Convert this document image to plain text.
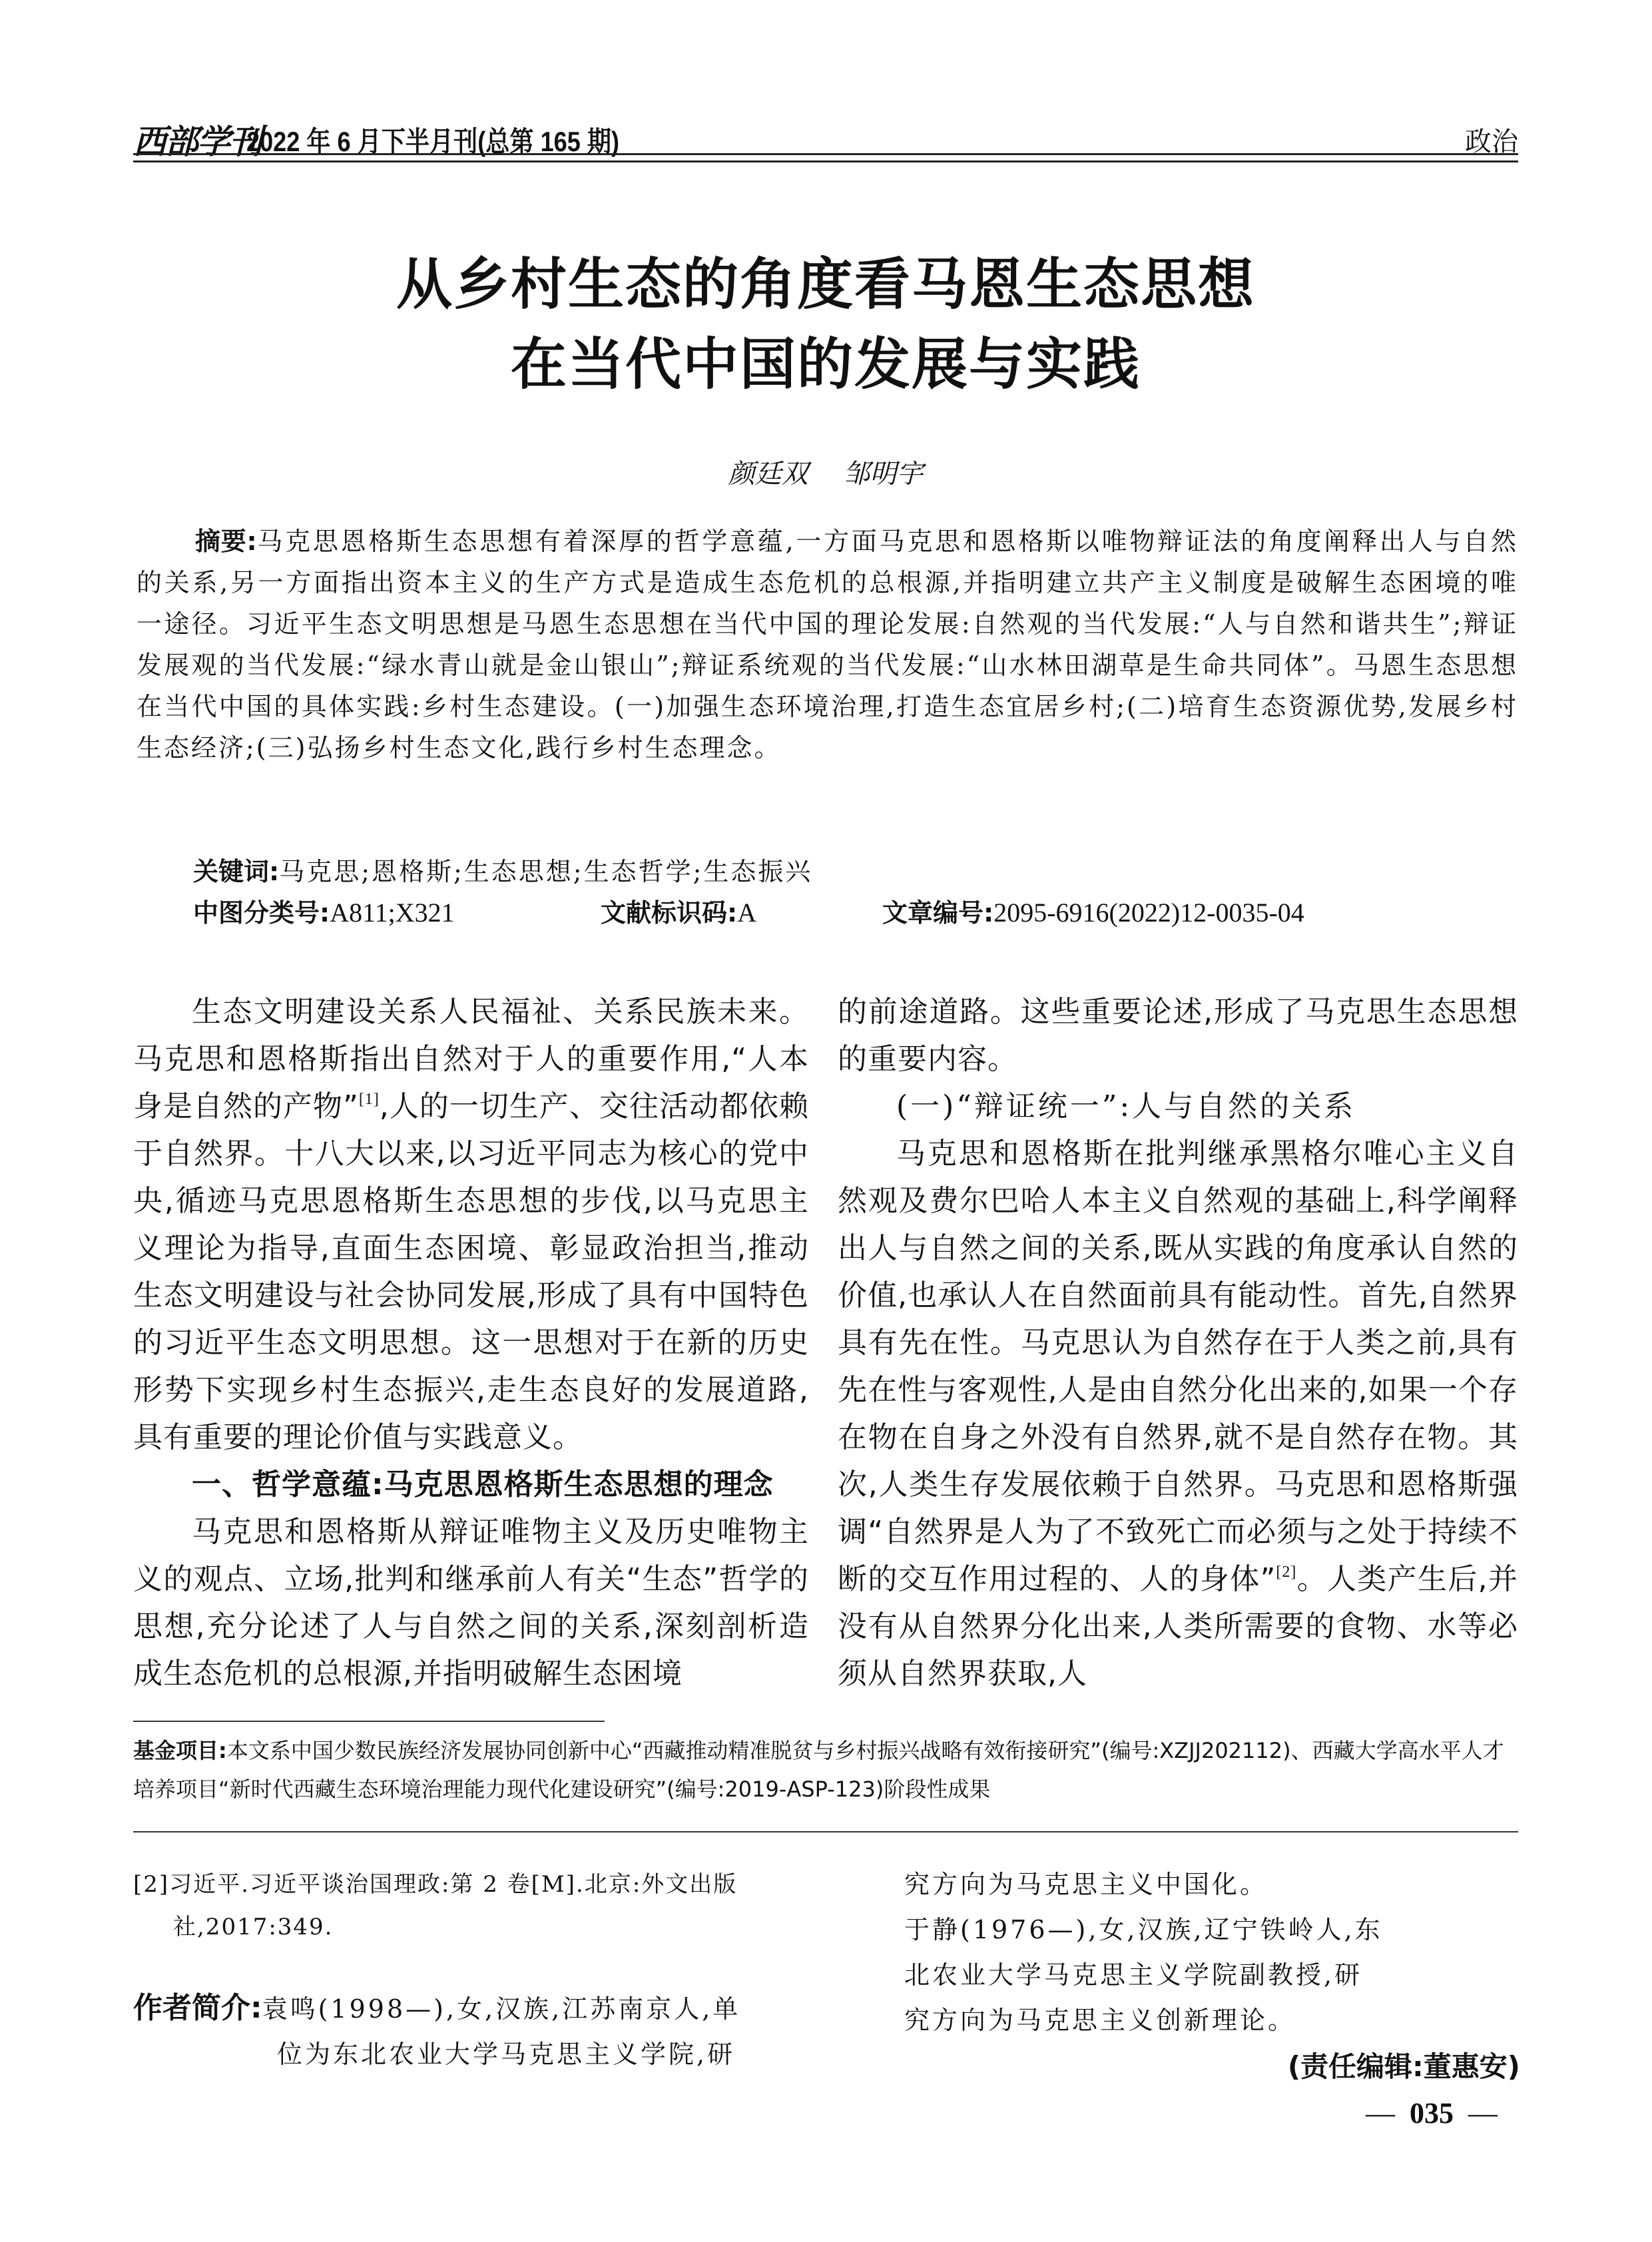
西部学刊
2022 年 6 月下半月刊(总第 165 期)	政治
从乡村生态的角度看马恩生态思想
在当代中国的发展与实践
颜廷双 邹明宇
摘要:马克思恩格斯生态思想有着深厚的哲学意蕴,一方面马克思和恩格斯以唯物辩证法的角度阐释出人与自然的关系,另一方面指出资本主义的生产方式是造成生态危机的总根源,并指明建立共产主义制度是破解生态困境的唯一途径。习近平生态文明思想是马恩生态思想在当代中国的理论发展:自然观的当代发展:“人与自然和谐共生”;辩证发展观的当代发展:“绿水青山就是金山银山”;辩证系统观的当代发展:“山水林田湖草是生命共同体”。马恩生态思想在当代中国的具体实践:乡村生态建设。(一)加强生态环境治理,打造生态宜居乡村;(二)培育生态资源优势,发展乡村生态经济;(三)弘扬乡村生态文化,践行乡村生态理念。
关键词:马克思;恩格斯;生态思想;生态哲学;生态振兴
中图分类号:A811;X321	文献标识码:A	文章编号:2095-6916(2022)12-0035-04

生态文明建设关系人民福祉、关系民族未来。马克思和恩格斯指出自然对于人的重要作用,“人本身是自然的产物”[1],人的一切生产、交往活动都依赖于自然界。十八大以来,以习近平同志为核心的党中央,循迹马克思恩格斯生态思想的步伐,以马克思主义理论为指导,直面生态困境、彰显政治担当,推动生态文明建设与社会协同发展,形成了具有中国特色的习近平生态文明思想。这一思想对于在新的历史形势下实现乡村生态振兴,走生态良好的发展道路,具有重要的理论价值与实践意义。

一、哲学意蕴:马克思恩格斯生态思想的理念

马克思和恩格斯从辩证唯物主义及历史唯物主义的观点、立场,批判和继承前人有关“生态”哲学的思想,充分论述了人与自然之间的关系,深刻剖析造成生态危机的总根源,并指明破解生态困境

的前途道路。这些重要论述,形成了马克思生态思想的重要内容。

(一)“辩证统一”:人与自然的关系

马克思和恩格斯在批判继承黑格尔唯心主义自然观及费尔巴哈人本主义自然观的基础上,科学阐释出人与自然之间的关系,既从实践的角度承认自然的价值,也承认人在自然面前具有能动性。首先,自然界具有先在性。马克思认为自然存在于人类之前,具有先在性与客观性,人是由自然分化出来的,如果一个存在物在自身之外没有自然界,就不是自然存在物。其次,人类生存发展依赖于自然界。马克思和恩格斯强调“自然界是人为了不致死亡而必须与之处于持续不断的交互作用过程的、人的身体”[2]。人类产生后,并没有从自然界分化出来,人类所需要的食物、水等必须从自然界获取,人

基金项目:本文系中国少数民族经济发展协同创新中心“西藏推动精准脱贫与乡村振兴战略有效衔接研究”(编号:XZJJ202112)、西藏大学高水平人才培养项目“新时代西藏生态环境治理能力现代化建设研究”(编号:2019-ASP-123)阶段性成果

[2]习近平.习近平谈治国理政:第 2 卷[M].北京:外文出版社,2017:349.

作者简介:袁鸣(1998—),女,汉族,江苏南京人,单
位为东北农业大学马克思主义学院,研

究方向为马克思主义中国化。

于静(1976—),女,汉族,辽宁铁岭人,东

北农业大学马克思主义学院副教授,研

究方向为马克思主义创新理论。

(责任编辑:董惠安)

— 035 —
